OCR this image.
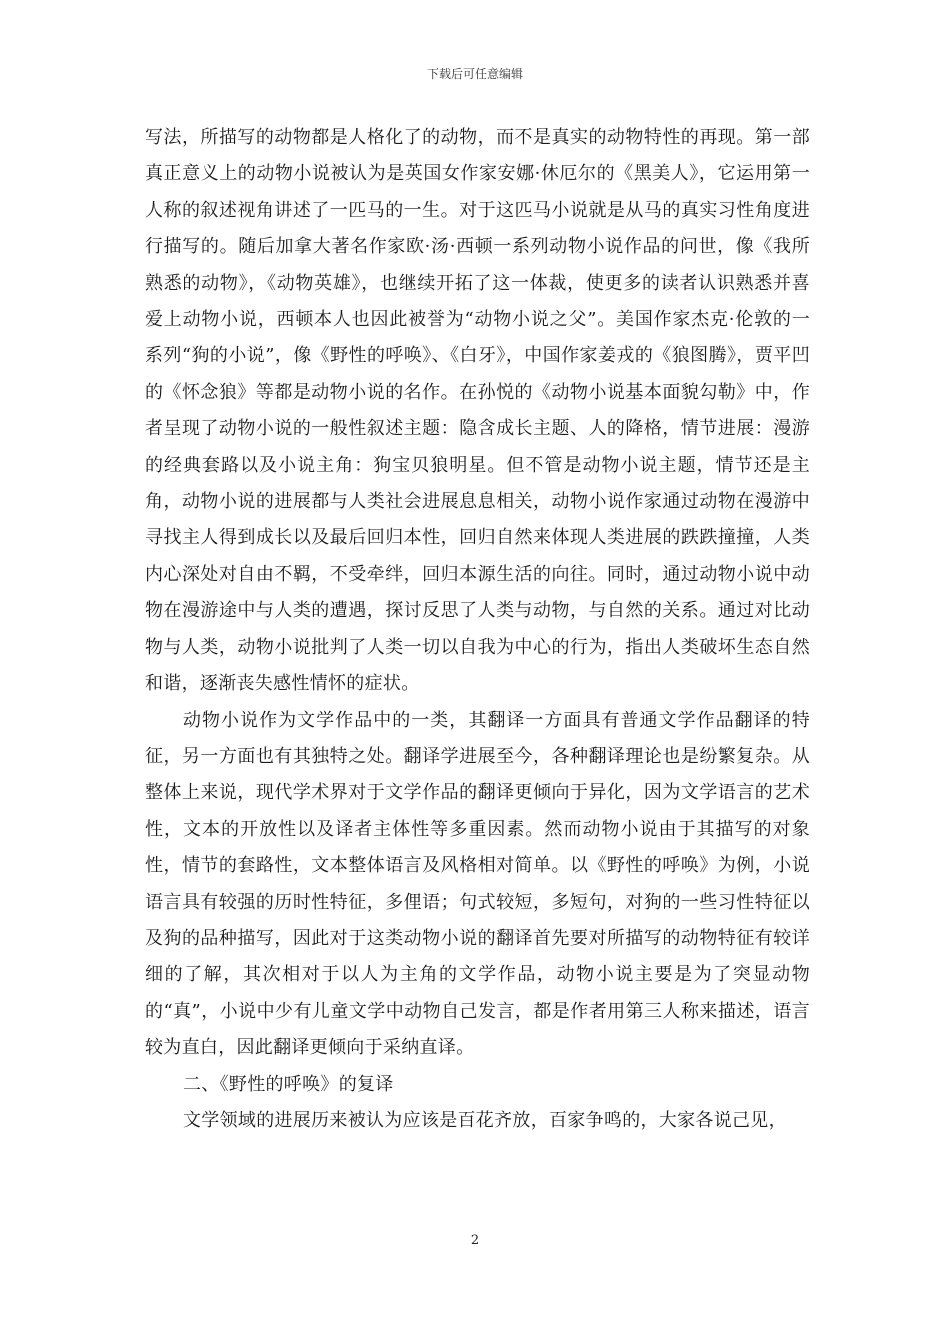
下载后可任意编辑

写法，所描写的动物都是人格化了的动物，而不是真实的动物特性的再现。第一部真正意义上的动物小说被认为是英国女作家安娜·休厄尔的《黑美人》，它运用第一人称的叙述视角讲述了一匹马的一生。对于这匹马小说就是从马的真实习性角度进行描写的。随后加拿大著名作家欧·汤·西顿一系列动物小说作品的问世，像《我所熟悉的动物》，《动物英雄》，也继续开拓了这一体裁，使更多的读者认识熟悉并喜爱上动物小说，西顿本人也因此被誉为“动物小说之父”。美国作家杰克·伦敦的一系列“狗的小说”，像《野性的呼唤》、《白牙》，中国作家姜戎的《狼图腾》，贾平凹的《怀念狼》等都是动物小说的名作。在孙悦的《动物小说基本面貌勾勒》中，作者呈现了动物小说的一般性叙述主题：隐含成长主题、人的降格，情节进展：漫游的经典套路以及小说主角：狗宝贝狼明星。但不管是动物小说主题，情节还是主角，动物小说的进展都与人类社会进展息息相关，动物小说作家通过动物在漫游中寻找主人得到成长以及最后回归本性，回归自然来体现人类进展的跌跌撞撞，人类内心深处对自由不羁，不受牵绊，回归本源生活的向往。同时，通过动物小说中动物在漫游途中与人类的遭遇，探讨反思了人类与动物，与自然的关系。通过对比动物与人类，动物小说批判了人类一切以自我为中心的行为，指出人类破坏生态自然和谐，逐渐丧失感性情怀的症状。

动物小说作为文学作品中的一类，其翻译一方面具有普通文学作品翻译的特征，另一方面也有其独特之处。翻译学进展至今，各种翻译理论也是纷繁复杂。从整体上来说，现代学术界对于文学作品的翻译更倾向于异化，因为文学语言的艺术性，文本的开放性以及译者主体性等多重因素。然而动物小说由于其描写的对象性，情节的套路性，文本整体语言及风格相对简单。以《野性的呼唤》为例，小说语言具有较强的历时性特征，多俚语；句式较短，多短句，对狗的一些习性特征以及狗的品种描写，因此对于这类动物小说的翻译首先要对所描写的动物特征有较详细的了解，其次相对于以人为主角的文学作品，动物小说主要是为了突显动物的“真”，小说中少有儿童文学中动物自己发言，都是作者用第三人称来描述，语言较为直白，因此翻译更倾向于采纳直译。

二、《野性的呼唤》的复译

文学领域的进展历来被认为应该是百花齐放，百家争鸣的，大家各说己见，

2
